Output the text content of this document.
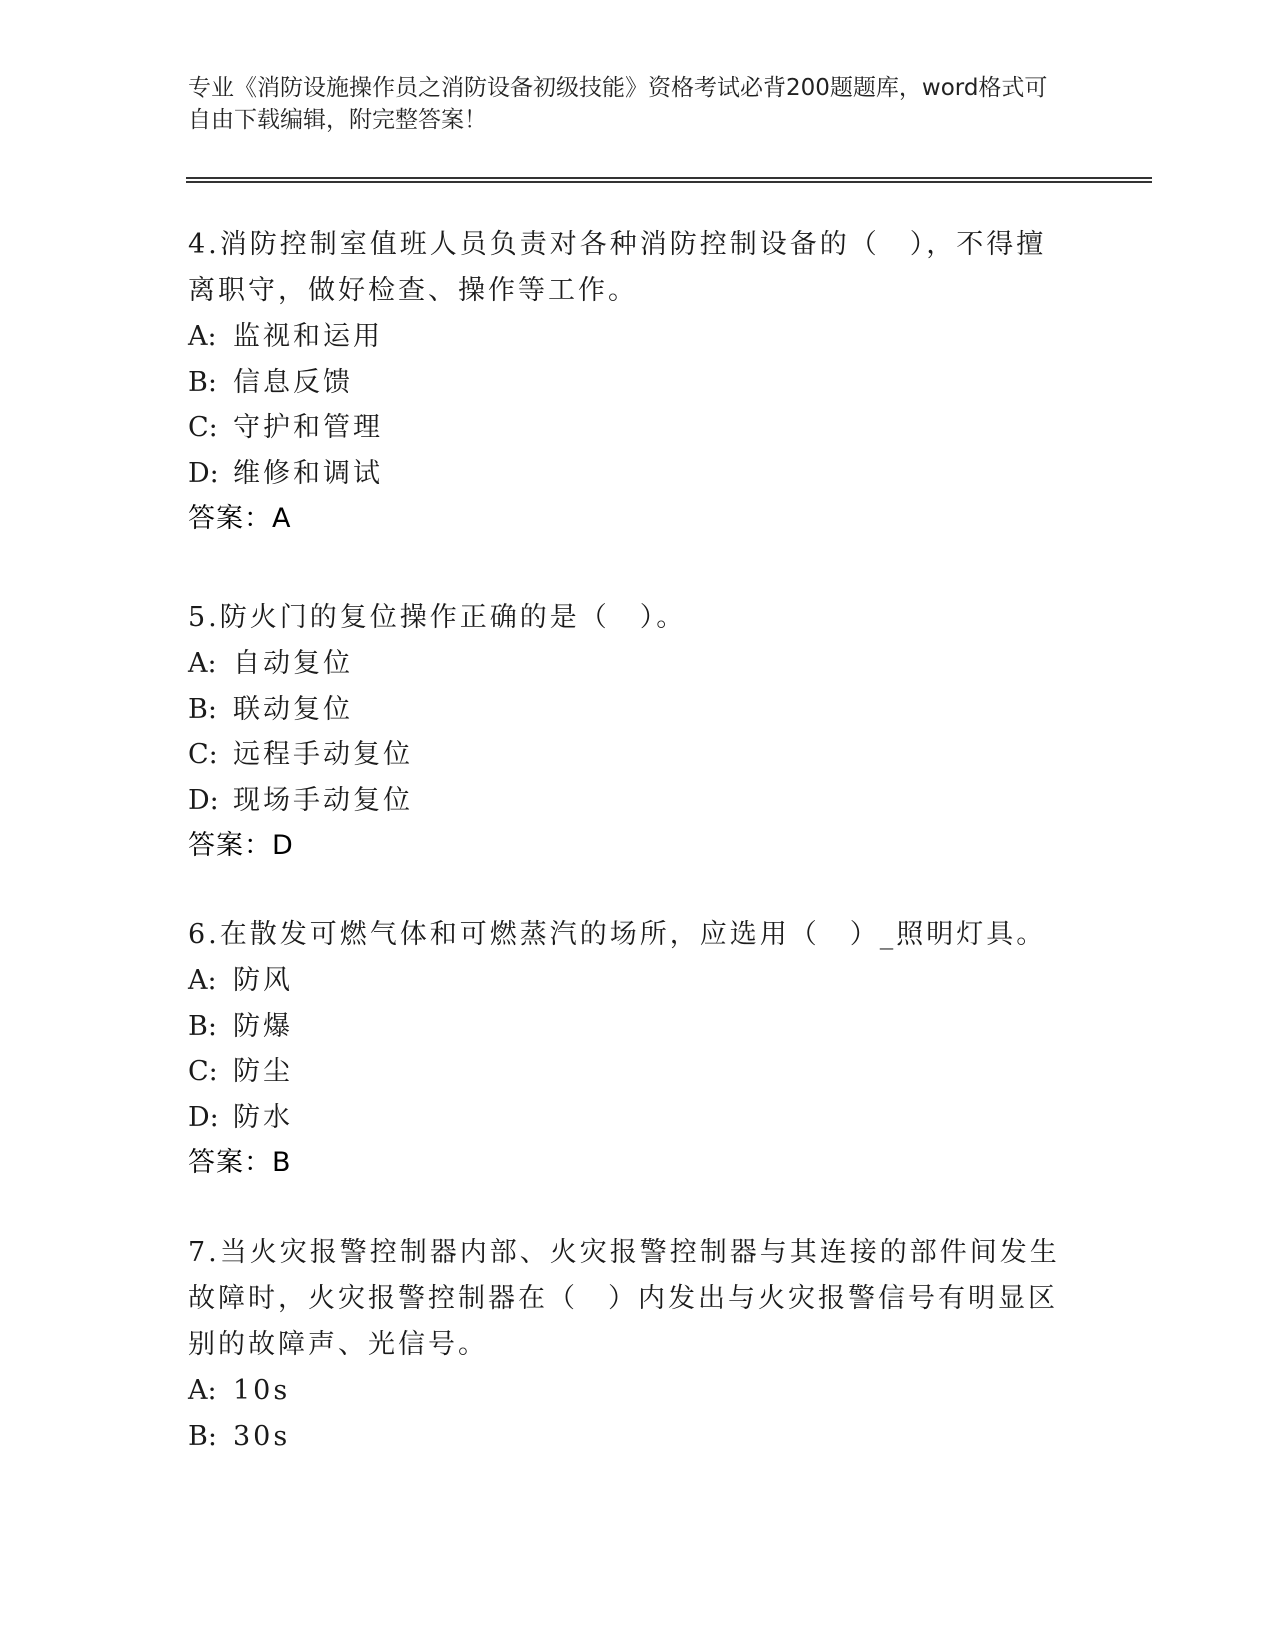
专业《消防设施操作员之消防设备初级技能》资格考试必背200题题库，word格式可自由下载编辑，附完整答案！

4.消防控制室值班人员负责对各种消防控制设备的（　），不得擅离职守，做好检查、操作等工作。

A: 监视和运用

B: 信息反馈

C: 守护和管理

D: 维修和调试

答案：A

5.防火门的复位操作正确的是（　）。

A: 自动复位

B: 联动复位

C: 远程手动复位

D: 现场手动复位

答案：D

6.在散发可燃气体和可燃蒸汽的场所，应选用（　）_照明灯具。

A: 防风

B: 防爆

C: 防尘

D: 防水

答案：B

7.当火灾报警控制器内部、火灾报警控制器与其连接的部件间发生故障时，火灾报警控制器在（　）内发出与火灾报警信号有明显区别的故障声、光信号。

A: 10s

B: 30s
